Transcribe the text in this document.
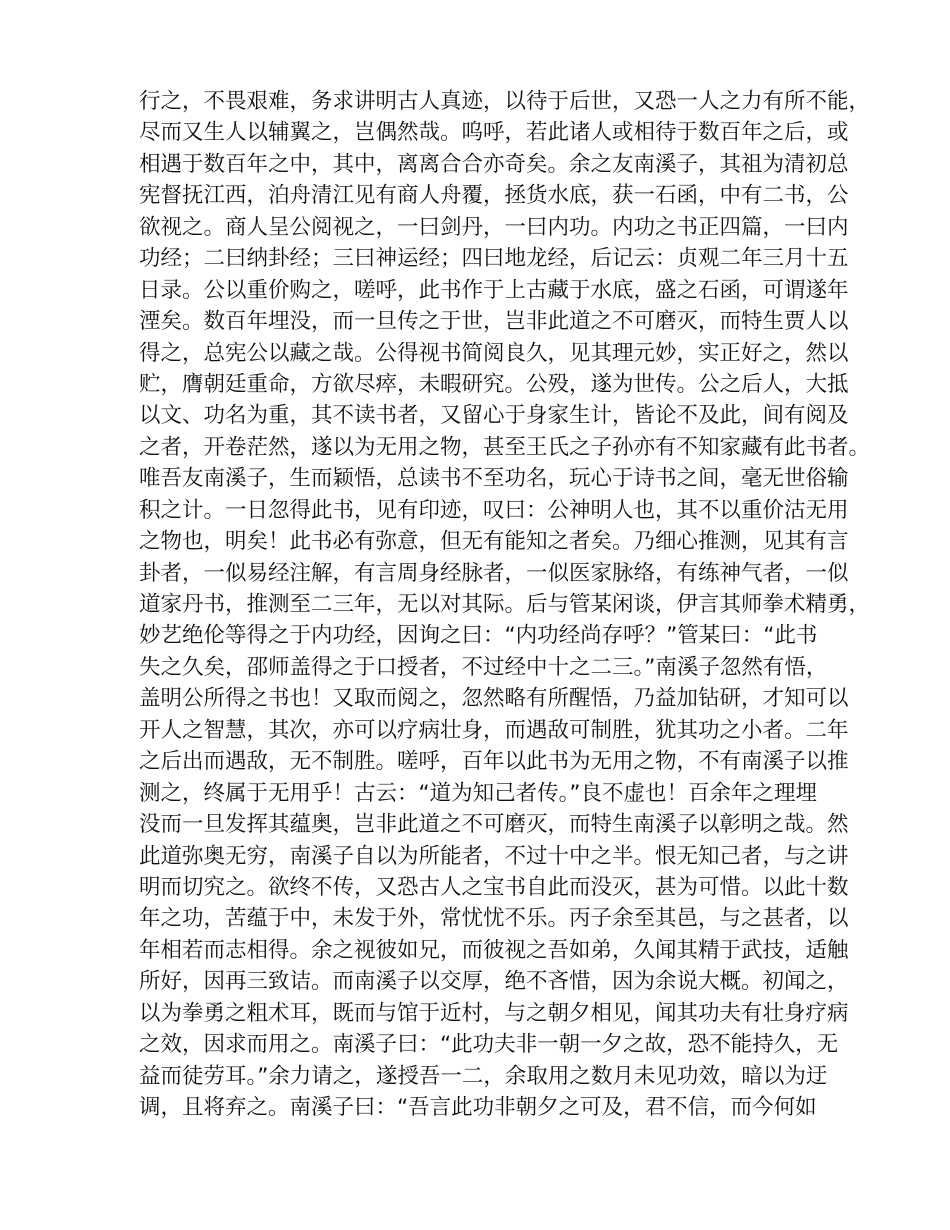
行之，不畏艰难，务求讲明古人真迹，以待于后世，又恐一人之力有所不能，
尽而又生人以辅翼之，岂偶然哉。呜呼，若此诸人或相待于数百年之后，或
相遇于数百年之中，其中，离离合合亦奇矣。余之友南溪子，其祖为清初总
宪督抚江西，泊舟清江见有商人舟覆，拯货水底，获一石函，中有二书，公
欲视之。商人呈公阅视之，一曰剑丹，一曰内功。内功之书正四篇，一曰内
功经；二曰纳卦经；三曰神运经；四曰地龙经，后记云：贞观二年三月十五
日录。公以重价购之，嗟呼，此书作于上古藏于水底，盛之石函，可谓遂年
湮矣。数百年埋没，而一旦传之于世，岂非此道之不可磨灭，而特生贾人以
得之，总宪公以藏之哉。公得视书简阅良久，见其理元妙，实正好之，然以
贮，膺朝廷重命，方欲尽瘁，未暇研究。公殁，遂为世传。公之后人，大抵
以文、功名为重，其不读书者，又留心于身家生计，皆论不及此，间有阅及
之者，开卷茫然，遂以为无用之物，甚至王氏之子孙亦有不知家藏有此书者。
唯吾友南溪子，生而颖悟，总读书不至功名，玩心于诗书之间，毫无世俗输
积之计。一日忽得此书，见有印迹，叹曰：公神明人也，其不以重价沽无用
之物也，明矣！此书必有弥意，但无有能知之者矣。乃细心推测，见其有言
卦者，一似易经注解，有言周身经脉者，一似医家脉络，有练神气者，一似
道家丹书，推测至二三年，无以对其际。后与管某闲谈，伊言其师拳术精勇，
妙艺绝伦等得之于内功经，因询之曰：“内功经尚存呼？”管某曰：“此书
失之久矣，邵师盖得之于口授者，不过经中十之二三。”南溪子忽然有悟，
盖明公所得之书也！又取而阅之，忽然略有所醒悟，乃益加钻研，才知可以
开人之智慧，其次，亦可以疗病壮身，而遇敌可制胜，犹其功之小者。二年
之后出而遇敌，无不制胜。嗟呼，百年以此书为无用之物，不有南溪子以推
测之，终属于无用乎！古云：“道为知己者传。”良不虚也！百余年之理埋
没而一旦发挥其蕴奥，岂非此道之不可磨灭，而特生南溪子以彰明之哉。然
此道弥奥无穷，南溪子自以为所能者，不过十中之半。恨无知己者，与之讲
明而切究之。欲终不传，又恐古人之宝书自此而没灭，甚为可惜。以此十数
年之功，苦蕴于中，未发于外，常忧忧不乐。丙子余至其邑，与之甚者，以
年相若而志相得。余之视彼如兄，而彼视之吾如弟，久闻其精于武技，适触
所好，因再三致诘。而南溪子以交厚，绝不吝惜，因为余说大概。初闻之，
以为拳勇之粗术耳，既而与馆于近村，与之朝夕相见，闻其功夫有壮身疗病
之效，因求而用之。南溪子曰：“此功夫非一朝一夕之故，恐不能持久，无
益而徒劳耳。”余力请之，遂授吾一二，余取用之数月未见功效，暗以为迂
调，且将弃之。南溪子曰：“吾言此功非朝夕之可及，君不信，而今何如
